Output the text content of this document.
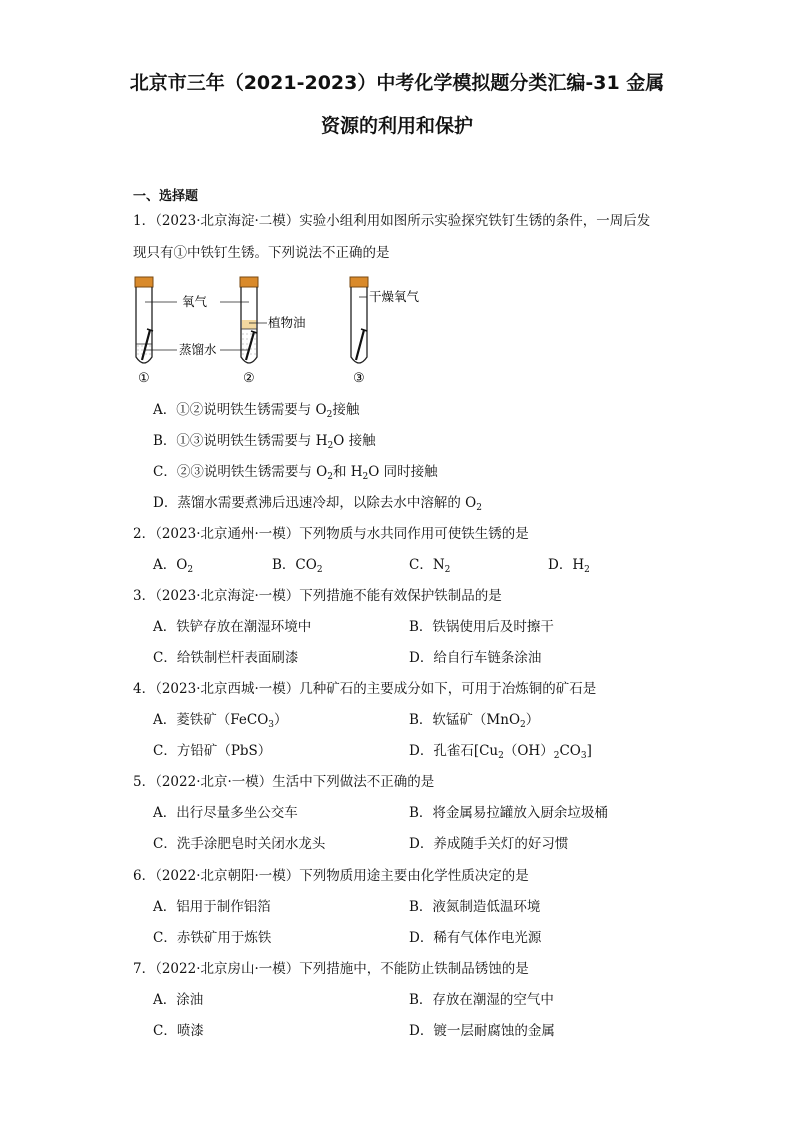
北京市三年（2021-2023）中考化学模拟题分类汇编-31 金属
资源的利用和保护
一、选择题
1．（2023·北京海淀·二模）实验小组利用如图所示实验探究铁钉生锈的条件，一周后发
现只有①中铁钉生锈。下列说法不正确的是
氧气
植物油
蒸馏水
干燥氧气
①	②	③
A．①②说明铁生锈需要与 $O_2$接触
B．①③说明铁生锈需要与 $H_2O$ 接触
C．②③说明铁生锈需要与 $O_2$和 $H_2O$ 同时接触
D．蒸馏水需要煮沸后迅速冷却，以除去水中溶解的 $O_2$
2．（2023·北京通州·一模）下列物质与水共同作用可使铁生锈的是
A．$O_2$	B．$CO_2$	C．$N_2$	D．$H_2$
3．（2023·北京海淀·一模）下列措施不能有效保护铁制品的是
A．铁铲存放在潮湿环境中	B．铁锅使用后及时擦干
C．给铁制栏杆表面刷漆	D．给自行车链条涂油
4．（2023·北京西城·一模）几种矿石的主要成分如下，可用于冶炼铜的矿石是
A．菱铁矿（FeCO$_3$）	B．软锰矿（MnO$_2$）
C．方铅矿（PbS）	D．孔雀石$[Cu_2(OH)_2CO_3]$
5．（2022·北京·一模）生活中下列做法不正确的是
A．出行尽量多坐公交车	B．将金属易拉罐放入厨余垃圾桶
C．洗手涂肥皂时关闭水龙头	D．养成随手关灯的好习惯
6．（2022·北京朝阳·一模）下列物质用途主要由化学性质决定的是
A．铝用于制作铝箔	B．液氮制造低温环境
C．赤铁矿用于炼铁	D．稀有气体作电光源
7．（2022·北京房山·一模）下列措施中，不能防止铁制品锈蚀的是
A．涂油	B．存放在潮湿的空气中
C．喷漆	D．镀一层耐腐蚀的金属
